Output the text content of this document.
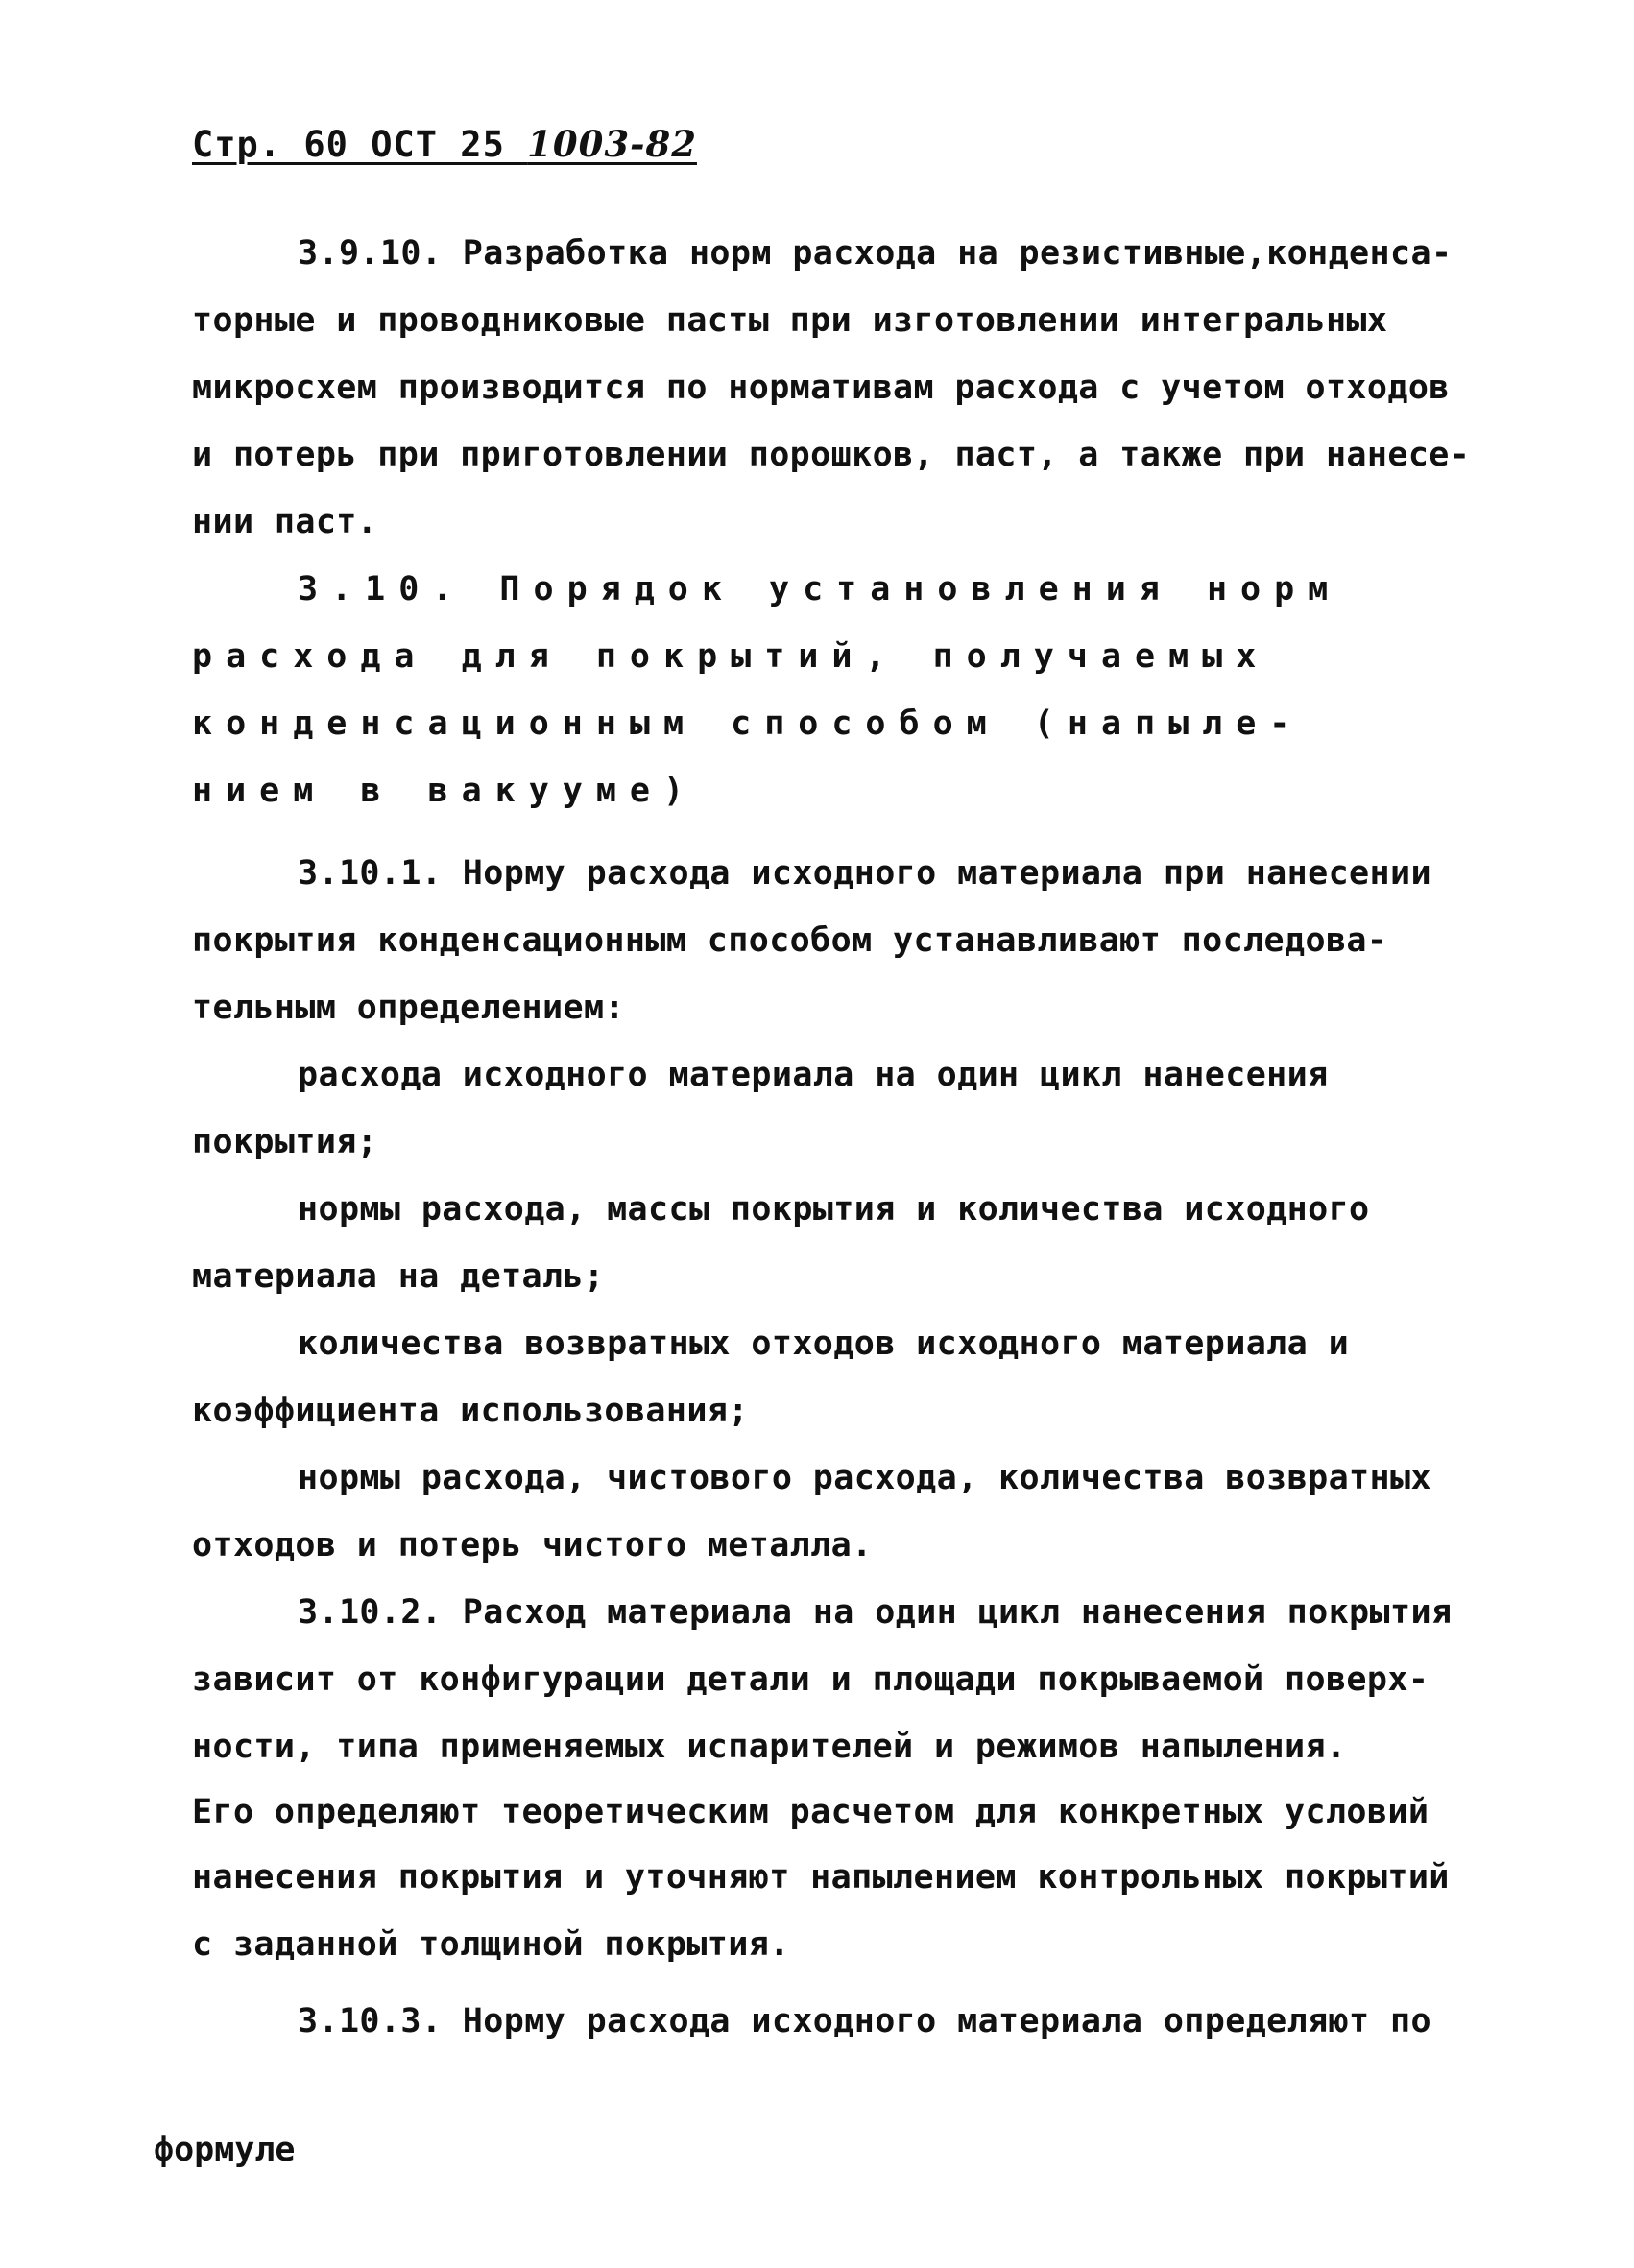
Стр. 60 ОСТ 25 1003-82
3.9.10. Разработка норм расхода на резистивные,конденса-
торные и проводниковые пасты при изготовлении интегральных
микросхем производится по нормативам расхода с учетом отходов
и потерь при приготовлении порошков, паст, а также при нанесе-
нии паст.
3.10. Порядок установления норм
расхода для покрытий, получаемых
конденсационным способом (напыле-
нием в вакууме)
3.10.1. Норму расхода исходного материала при нанесении
покрытия конденсационным способом устанавливают последова-
тельным определением:
расхода исходного материала на один цикл нанесения
покрытия;
нормы расхода, массы покрытия и количества исходного
материала на деталь;
количества возвратных отходов исходного материала и
коэффициента использования;
нормы расхода, чистового расхода, количества возвратных
отходов и потерь чистого металла.
3.10.2. Расход материала на один цикл нанесения покрытия
зависит от конфигурации детали и площади покрываемой поверх-
ности, типа применяемых испарителей и режимов напыления.
Его определяют теоретическим расчетом для конкретных условий
нанесения покрытия и уточняют напылением контрольных покрытий
с заданной толщиной покрытия.
3.10.3. Норму расхода исходного материала определяют по
формуле
